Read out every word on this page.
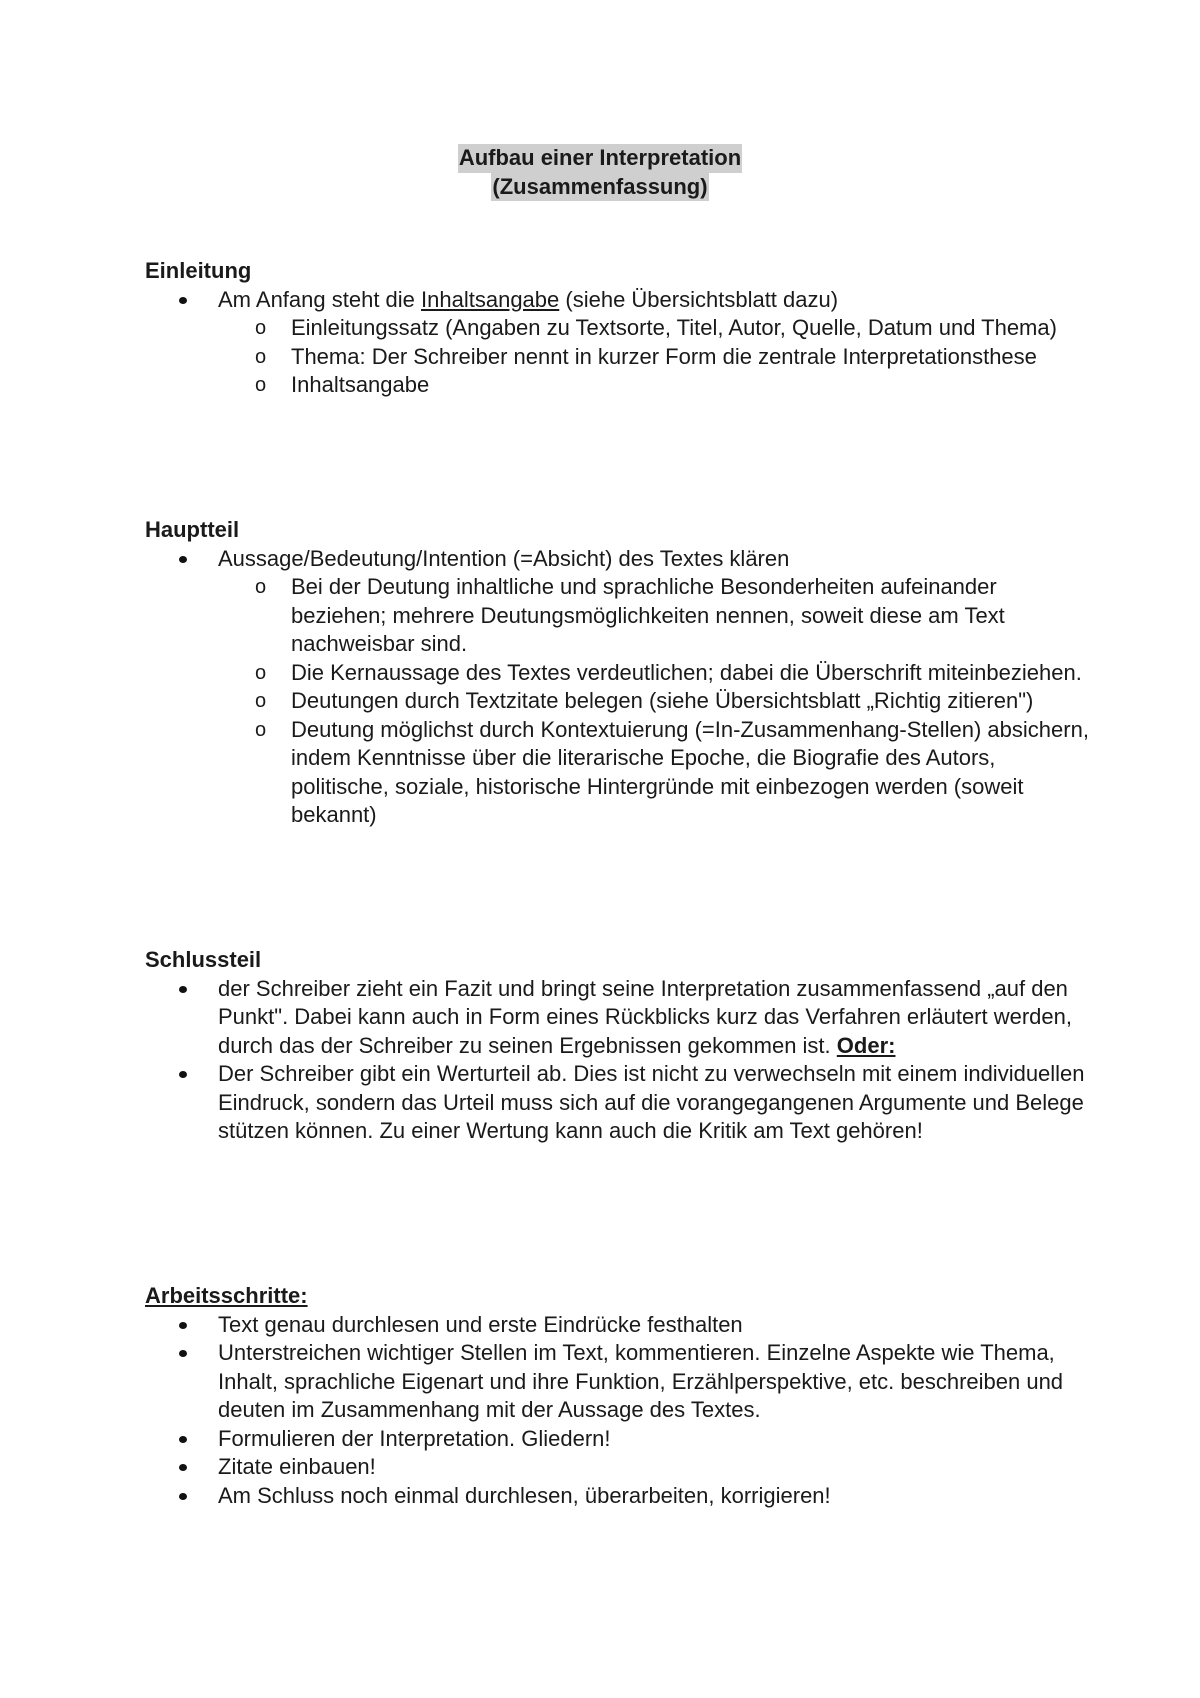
Aufbau einer Interpretation
(Zusammenfassung)

Einleitung

Am Anfang steht die Inhaltsangabe (siehe Übersichtsblatt dazu)
o Einleitungssatz (Angaben zu Textsorte, Titel, Autor, Quelle, Datum und Thema)
o Thema: Der Schreiber nennt in kurzer Form die zentrale Interpretationsthese
o Inhaltsangabe

Hauptteil

Aussage/Bedeutung/Intention (=Absicht) des Textes klären
o Bei der Deutung inhaltliche und sprachliche Besonderheiten aufeinander beziehen; mehrere Deutungsmöglichkeiten nennen, soweit diese am Text nachweisbar sind.
o Die Kernaussage des Textes verdeutlichen; dabei die Überschrift miteinbeziehen.
o Deutungen durch Textzitate belegen (siehe Übersichtsblatt „Richtig zitieren")
o Deutung möglichst durch Kontextuierung (=In-Zusammenhang-Stellen) absichern, indem Kenntnisse über die literarische Epoche, die Biografie des Autors, politische, soziale, historische Hintergründe mit einbezogen werden (soweit bekannt)

Schlussteil

der Schreiber zieht ein Fazit und bringt seine Interpretation zusammenfassend „auf den Punkt". Dabei kann auch in Form eines Rückblicks kurz das Verfahren erläutert werden, durch das der Schreiber zu seinen Ergebnissen gekommen ist. Oder:
Der Schreiber gibt ein Werturteil ab. Dies ist nicht zu verwechseln mit einem individuellen Eindruck, sondern das Urteil muss sich auf die vorangegangenen Argumente und Belege stützen können. Zu einer Wertung kann auch die Kritik am Text gehören!

Arbeitsschritte:

Text genau durchlesen und erste Eindrücke festhalten
Unterstreichen wichtiger Stellen im Text, kommentieren. Einzelne Aspekte wie Thema, Inhalt, sprachliche Eigenart und ihre Funktion, Erzählperspektive, etc. beschreiben und deuten im Zusammenhang mit der Aussage des Textes.
Formulieren der Interpretation. Gliedern!
Zitate einbauen!
Am Schluss noch einmal durchlesen, überarbeiten, korrigieren!
